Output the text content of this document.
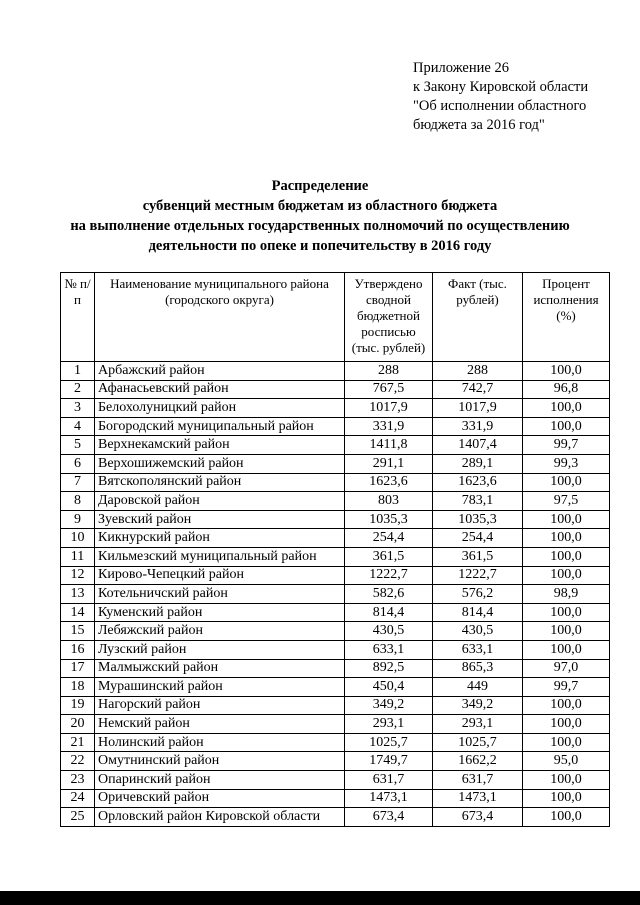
Приложение 26
к Закону Кировской области
"Об исполнении областного
бюджета за 2016 год"
Распределение
субвенций местным бюджетам из областного бюджета
на выполнение отдельных государственных полномочий по осуществлению
деятельности по опеке и попечительству в 2016 году
№ п/п	Наименование муниципального района (городского округа)	Утверждено сводной бюджетной росписью (тыс. рублей)	Факт (тыс. рублей)	Процент исполнения (%)
1	Арбажский район	288	288	100,0
2	Афанасьевский район	767,5	742,7	96,8
3	Белохолуницкий район	1017,9	1017,9	100,0
4	Богородский муниципальный район	331,9	331,9	100,0
5	Верхнекамский район	1411,8	1407,4	99,7
6	Верхошижемский район	291,1	289,1	99,3
7	Вятскополянский район	1623,6	1623,6	100,0
8	Даровской район	803	783,1	97,5
9	Зуевский район	1035,3	1035,3	100,0
10	Кикнурский район	254,4	254,4	100,0
11	Кильмезский муниципальный район	361,5	361,5	100,0
12	Кирово-Чепецкий район	1222,7	1222,7	100,0
13	Котельничский район	582,6	576,2	98,9
14	Куменский район	814,4	814,4	100,0
15	Лебяжский район	430,5	430,5	100,0
16	Лузский район	633,1	633,1	100,0
17	Малмыжский район	892,5	865,3	97,0
18	Мурашинский район	450,4	449	99,7
19	Нагорский район	349,2	349,2	100,0
20	Немский район	293,1	293,1	100,0
21	Нолинский район	1025,7	1025,7	100,0
22	Омутнинский район	1749,7	1662,2	95,0
23	Опаринский район	631,7	631,7	100,0
24	Оричевский район	1473,1	1473,1	100,0
25	Орловский район Кировской области	673,4	673,4	100,0
